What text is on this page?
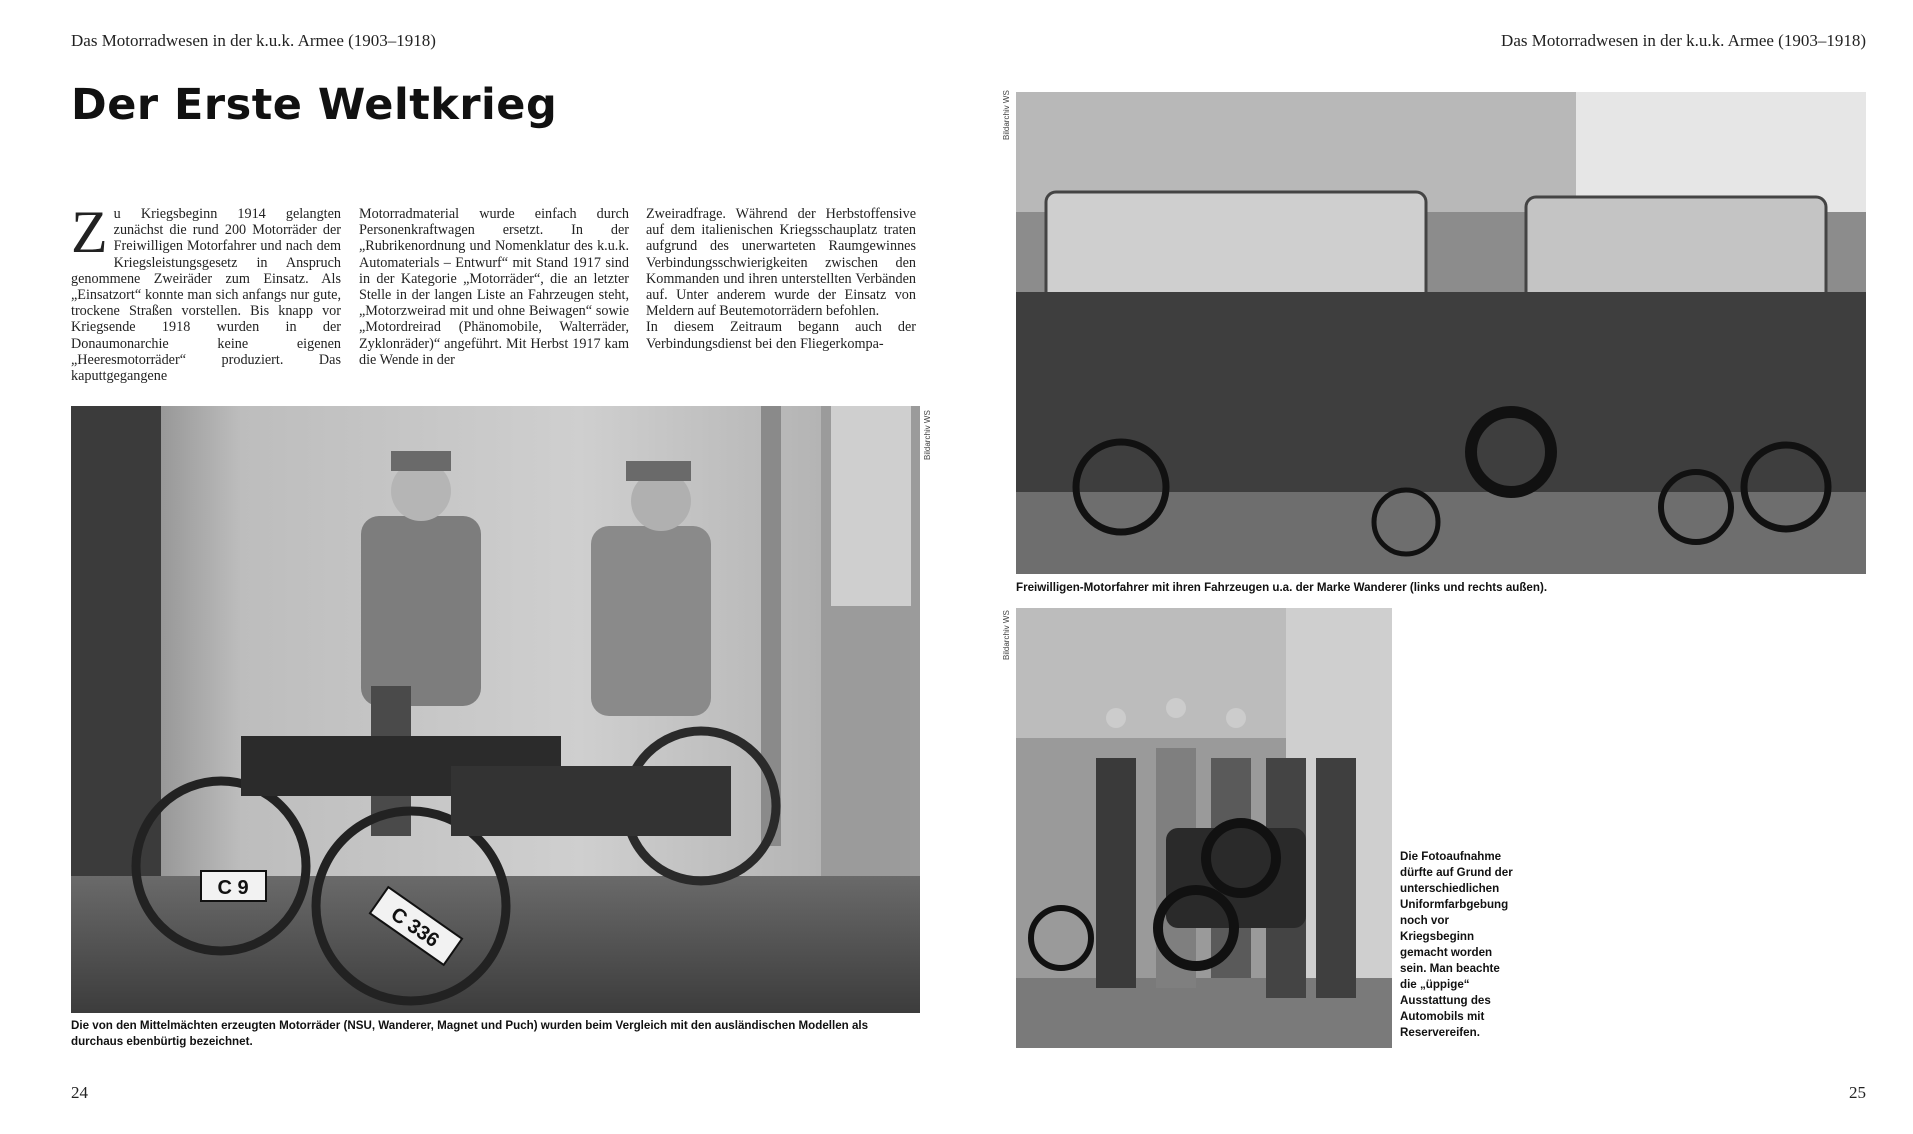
Das Motorradwesen in der k.u.k. Armee (1903–1918)
Der Erste Weltkrieg
Z u Kriegsbeginn 1914 gelangten zunächst die rund 200 Motorräder der Freiwilligen Motorfahrer und nach dem Kriegsleistungsgesetz in Anspruch genommene Zweiräder zum Einsatz. Als „Einsatzort“ konnte man sich anfangs nur gute, trockene Straßen vorstellen. Bis knapp vor Kriegsende 1918 wurden in der Donaumonarchie keine eigenen „Heeresmotorräder“ produziert. Das kaputtgegangene

Motorradmaterial wurde einfach durch Personenkraftwagen ersetzt. In der „Rubrikenordnung und Nomenklatur des k.u.k. Automaterials – Entwurf“ mit Stand 1917 sind in der Kategorie „Motorräder“, die an letzter Stelle in der langen Liste an Fahrzeugen steht, „Motorzweirad mit und ohne Beiwagen“ sowie „Motordreirad (Phänomobile, Walterräder, Zyklonräder)“ angeführt. Mit Herbst 1917 kam die Wende in der

Zweiradfrage. Während der Herbstoffensive auf dem italienischen Kriegsschauplatz traten aufgrund des unerwarteten Raumgewinnes Verbindungsschwierigkeiten zwischen den Kommanden und ihren unterstellten Verbänden auf. Unter anderem wurde der Einsatz von Meldern auf Beutemotorrädern befohlen.

In diesem Zeitraum begann auch der Verbindungsdienst bei den Fliegerkompa-

C 9
C 336
Bildarchiv WS
Die von den Mittelmächten erzeugten Motorräder (NSU, Wanderer, Magnet und Puch) wurden beim Vergleich mit den ausländischen Modellen als durchaus ebenbürtig bezeichnet.
24
Das Motorradwesen in der k.u.k. Armee (1903–1918)
Bildarchiv WS
Freiwilligen-Motorfahrer mit ihren Fahrzeugen u.a. der Marke Wanderer (links und rechts außen).
Bildarchiv WS
Die Fotoaufnahme dürfte auf Grund der unterschiedlichen Uniformfarbgebung noch vor Kriegsbeginn gemacht worden sein. Man beachte die „üppige“ Ausstattung des Automobils mit Reservereifen.
25
